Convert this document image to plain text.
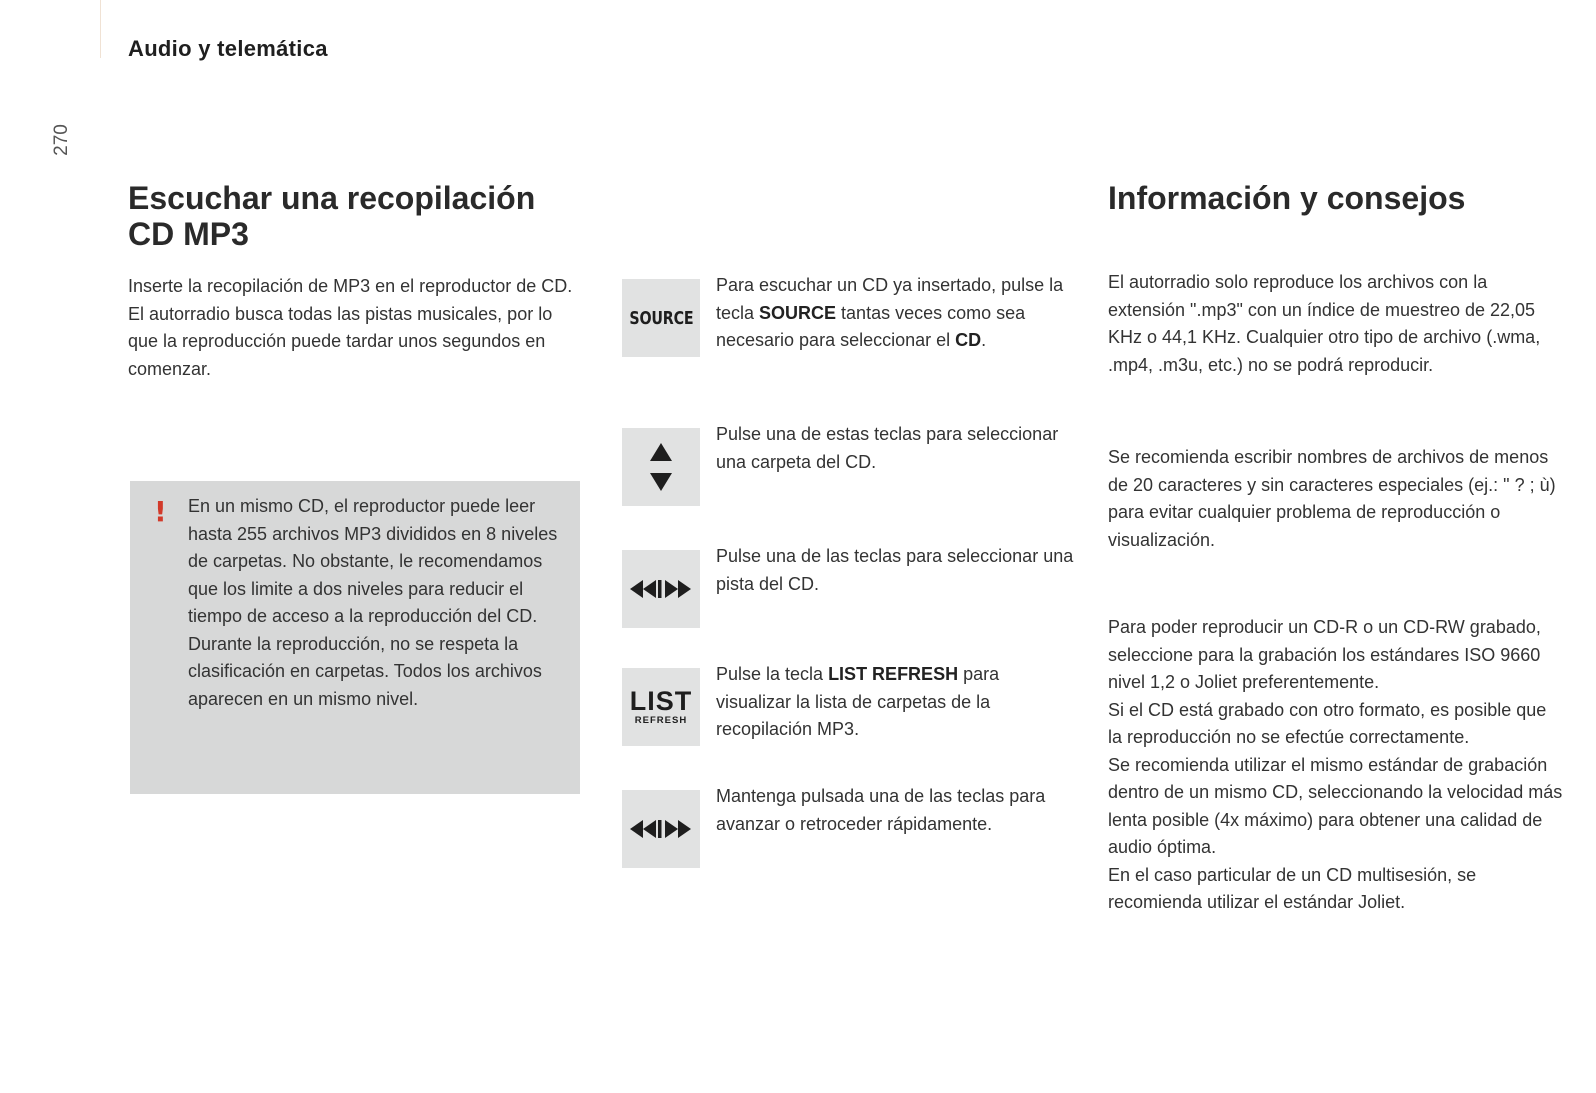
Audio y telemática
270
Escuchar una recopilación CD MP3

Inserte la recopilación de MP3 en el reproductor de CD.

El autorradio busca todas las pistas musicales, por lo que la reproducción puede tardar unos segundos en comenzar.

! En un mismo CD, el reproductor puede leer hasta 255 archivos MP3 divididos en 8 niveles de carpetas. No obstante, le recomendamos que los limite a dos niveles para reducir el tiempo de acceso a la reproducción del CD. Durante la reproducción, no se respeta la clasificación en carpetas. Todos los archivos aparecen en un mismo nivel.

SOURCE

Para escuchar un CD ya insertado, pulse la tecla SOURCE tantas veces como sea necesario para seleccionar el CD.

Pulse una de estas teclas para seleccionar una carpeta del CD.

Pulse una de las teclas para seleccionar una pista del CD.

LIST
REFRESH

Pulse la tecla LIST REFRESH para visualizar la lista de carpetas de la recopilación MP3.

Mantenga pulsada una de las teclas para avanzar o retroceder rápidamente.

Información y consejos

El autorradio solo reproduce los archivos con la extensión ".mp3" con un índice de muestreo de 22,05 KHz o 44,1 KHz. Cualquier otro tipo de archivo (.wma, .mp4, .m3u, etc.) no se podrá reproducir.

Se recomienda escribir nombres de archivos de menos de 20 caracteres y sin caracteres especiales (ej.: " ? ; ù) para evitar cualquier problema de reproducción o visualización.

Para poder reproducir un CD-R o un CD-RW grabado, seleccione para la grabación los estándares ISO 9660 nivel 1,2 o Joliet preferentemente.

Si el CD está grabado con otro formato, es posible que la reproducción no se efectúe correctamente.

Se recomienda utilizar el mismo estándar de grabación dentro de un mismo CD, seleccionando la velocidad más lenta posible (4x máximo) para obtener una calidad de audio óptima.

En el caso particular de un CD multisesión, se recomienda utilizar el estándar Joliet.
